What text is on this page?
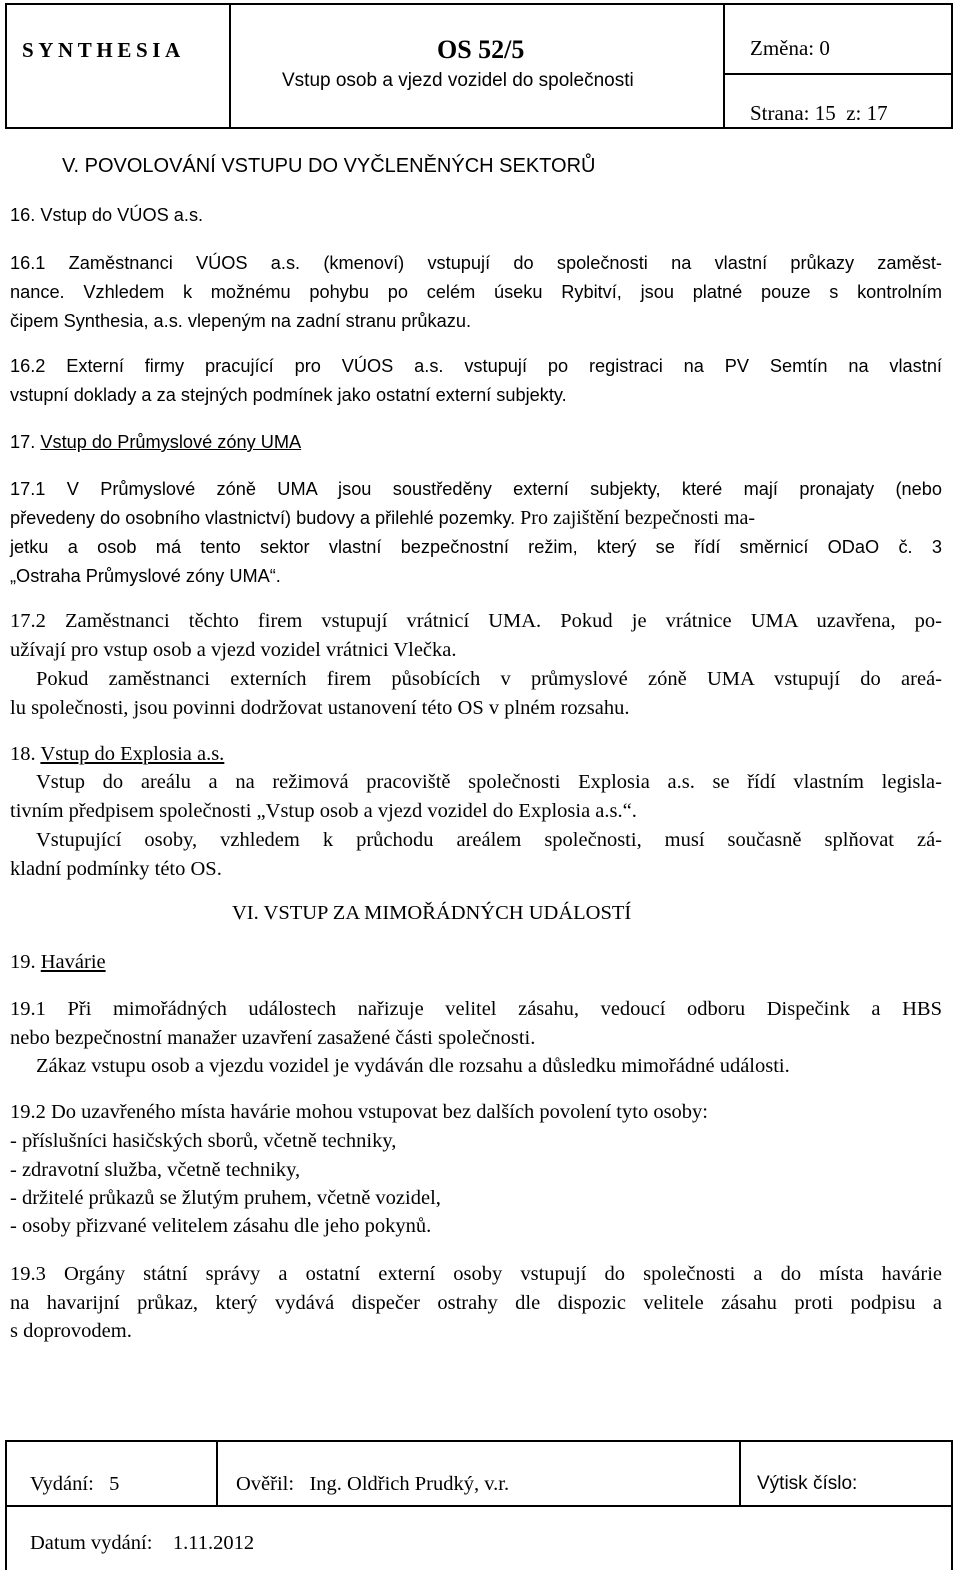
SYNTHESIA	OS 52/5
Vstup osob a vjezd vozidel do společnosti
Změna: 0
Strana: 15 z: 17
V. POVOLOVÁNÍ VSTUPU DO VYČLENĚNÝCH SEKTORŮ
16. Vstup do VÚOS a.s.
16.1 Zaměstnanci VÚOS a.s. (kmenoví) vstupují do společnosti na vlastní průkazy zaměst-
nance. Vzhledem k možnému pohybu po celém úseku Rybitví, jsou platné pouze s kontrolním
čipem Synthesia, a.s. vlepeným na zadní stranu průkazu.
16.2 Externí firmy pracující pro VÚOS a.s. vstupují po registraci na PV Semtín na vlastní
vstupní doklady a za stejných podmínek jako ostatní externí subjekty.
17. Vstup do Průmyslové zóny UMA
17.1 V Průmyslové zóně UMA jsou soustředěny externí subjekty, které mají pronajaty (nebo
převedeny do osobního vlastnictví) budovy a přilehlé pozemky. Pro zajištění bezpečnosti ma-
jetku a osob má tento sektor vlastní bezpečnostní režim, který se řídí směrnicí ODaO č. 3
„Ostraha Průmyslové zóny UMA“.
17.2 Zaměstnanci těchto firem vstupují vrátnicí UMA. Pokud je vrátnice UMA uzavřena, po-
užívají pro vstup osob a vjezd vozidel vrátnici Vlečka.
Pokud zaměstnanci externích firem působících v průmyslové zóně UMA vstupují do areá-
lu společnosti, jsou povinni dodržovat ustanovení této OS v plném rozsahu.
18. Vstup do Explosia a.s.
Vstup do areálu a na režimová pracoviště společnosti Explosia a.s. se řídí vlastním legisla-
tivním předpisem společnosti „Vstup osob a vjezd vozidel do Explosia a.s.“.
Vstupující osoby, vzhledem k průchodu areálem společnosti, musí současně splňovat zá-
kladní podmínky této OS.
VI. VSTUP ZA MIMOŘÁDNÝCH UDÁLOSTÍ
19. Havárie
19.1 Při mimořádných událostech nařizuje velitel zásahu, vedoucí odboru Dispečink a HBS
nebo bezpečnostní manažer uzavření zasažené části společnosti.
Zákaz vstupu osob a vjezdu vozidel je vydáván dle rozsahu a důsledku mimořádné události.
19.2 Do uzavřeného místa havárie mohou vstupovat bez dalších povolení tyto osoby:
- příslušníci hasičských sborů, včetně techniky,
- zdravotní služba, včetně techniky,
- držitelé průkazů se žlutým pruhem, včetně vozidel,
- osoby přizvané velitelem zásahu dle jeho pokynů.
19.3 Orgány státní správy a ostatní externí osoby vstupují do společnosti a do místa havárie
na havarijní průkaz, který vydává dispečer ostrahy dle dispozic velitele zásahu proti podpisu a
s doprovodem.
Vydání: 5	Ověřil: Ing. Oldřich Prudký, v.r.	Výtisk číslo:
Datum vydání: 1.11.2012
